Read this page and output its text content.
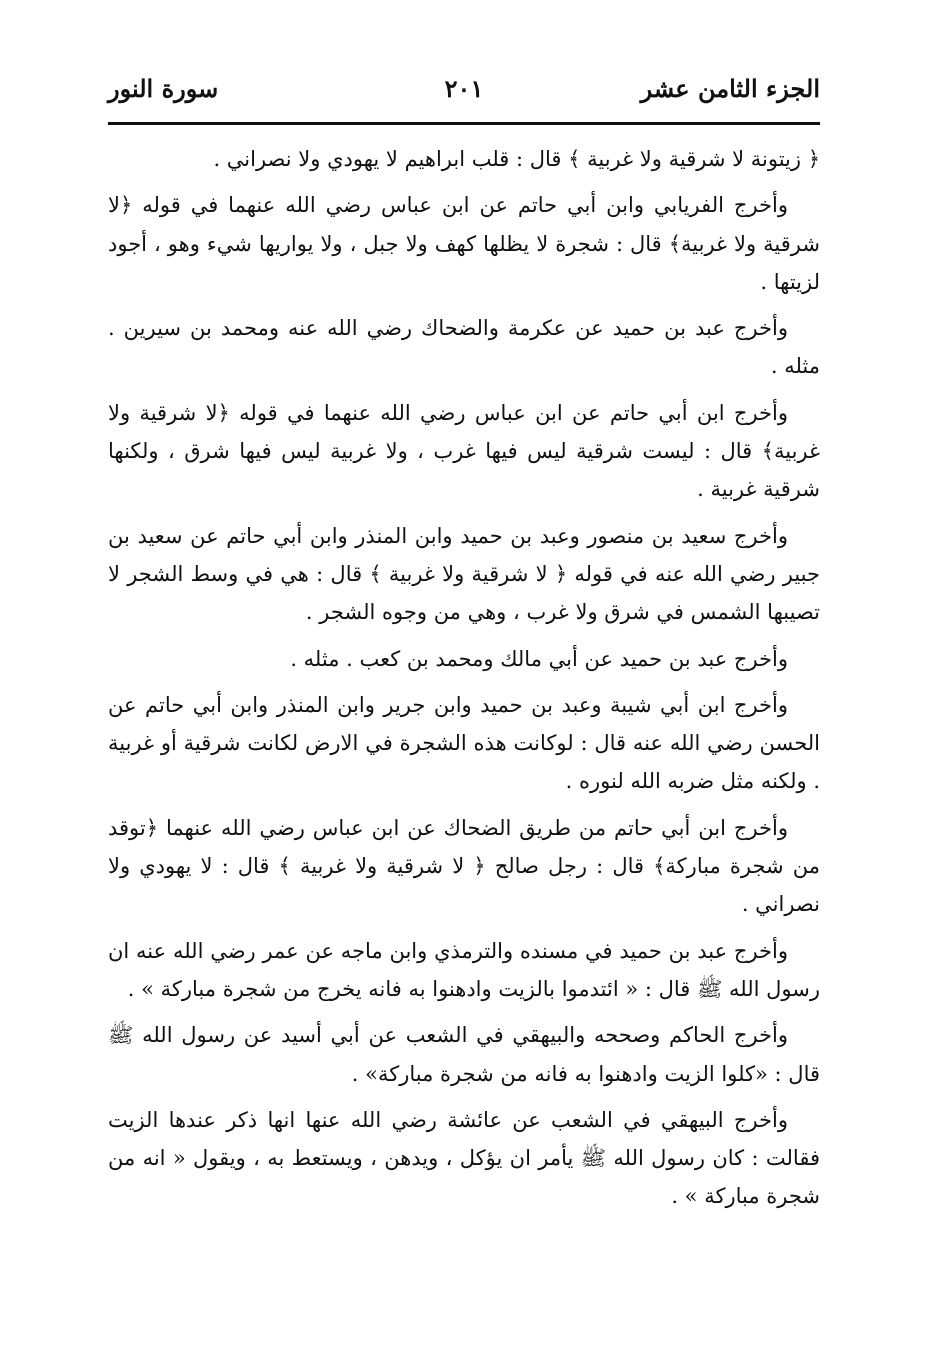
الجزء الثامن عشر
٢٠١
سورة النور

﴿ زيتونة لا شرقية ولا غربية ﴾ قال : قلب ابراهيم لا يهودي ولا نصراني .

وأخرج الفريابي وابن أبي حاتم عن ابن عباس رضي الله عنهما في قوله ﴿لا شرقية ولا غربية﴾ قال : شجرة لا يظلها كهف ولا جبل ، ولا يواريها شيء وهو ، أجود لزيتها .

وأخرج عبد بن حميد عن عكرمة والضحاك رضي الله عنه ومحمد بن سيرين . مثله .

وأخرج ابن أبي حاتم عن ابن عباس رضي الله عنهما في قوله ﴿لا شرقية ولا غربية﴾ قال : ليست شرقية ليس فيها غرب ، ولا غربية ليس فيها شرق ، ولكنها شرقية غربية .

وأخرج سعيد بن منصور وعبد بن حميد وابن المنذر وابن أبي حاتم عن سعيد بن جبير رضي الله عنه في قوله ﴿ لا شرقية ولا غربية ﴾ قال : هي في وسط الشجر لا تصيبها الشمس في شرق ولا غرب ، وهي من وجوه الشجر .

وأخرج عبد بن حميد عن أبي مالك ومحمد بن كعب . مثله .

وأخرج ابن أبي شيبة وعبد بن حميد وابن جرير وابن المنذر وابن أبي حاتم عن الحسن رضي الله عنه قال : لوكانت هذه الشجرة في الارض لكانت شرقية أو غربية . ولكنه مثل ضربه الله لنوره .

وأخرج ابن أبي حاتم من طريق الضحاك عن ابن عباس رضي الله عنهما ﴿توقد من شجرة مباركة﴾ قال : رجل صالح ﴿ لا شرقية ولا غربية ﴾ قال : لا يهودي ولا نصراني .

وأخرج عبد بن حميد في مسنده والترمذي وابن ماجه عن عمر رضي الله عنه ان رسول الله ﷺ قال : « ائتدموا بالزيت وادهنوا به فانه يخرج من شجرة مباركة » .

وأخرج الحاكم وصححه والبيهقي في الشعب عن أبي أسيد عن رسول الله ﷺ قال : «كلوا الزيت وادهنوا به فانه من شجرة مباركة» .

وأخرج البيهقي في الشعب عن عائشة رضي الله عنها انها ذكر عندها الزيت فقالت : كان رسول الله ﷺ يأمر ان يؤكل ، ويدهن ، ويستعط به ، ويقول « انه من شجرة مباركة » .
